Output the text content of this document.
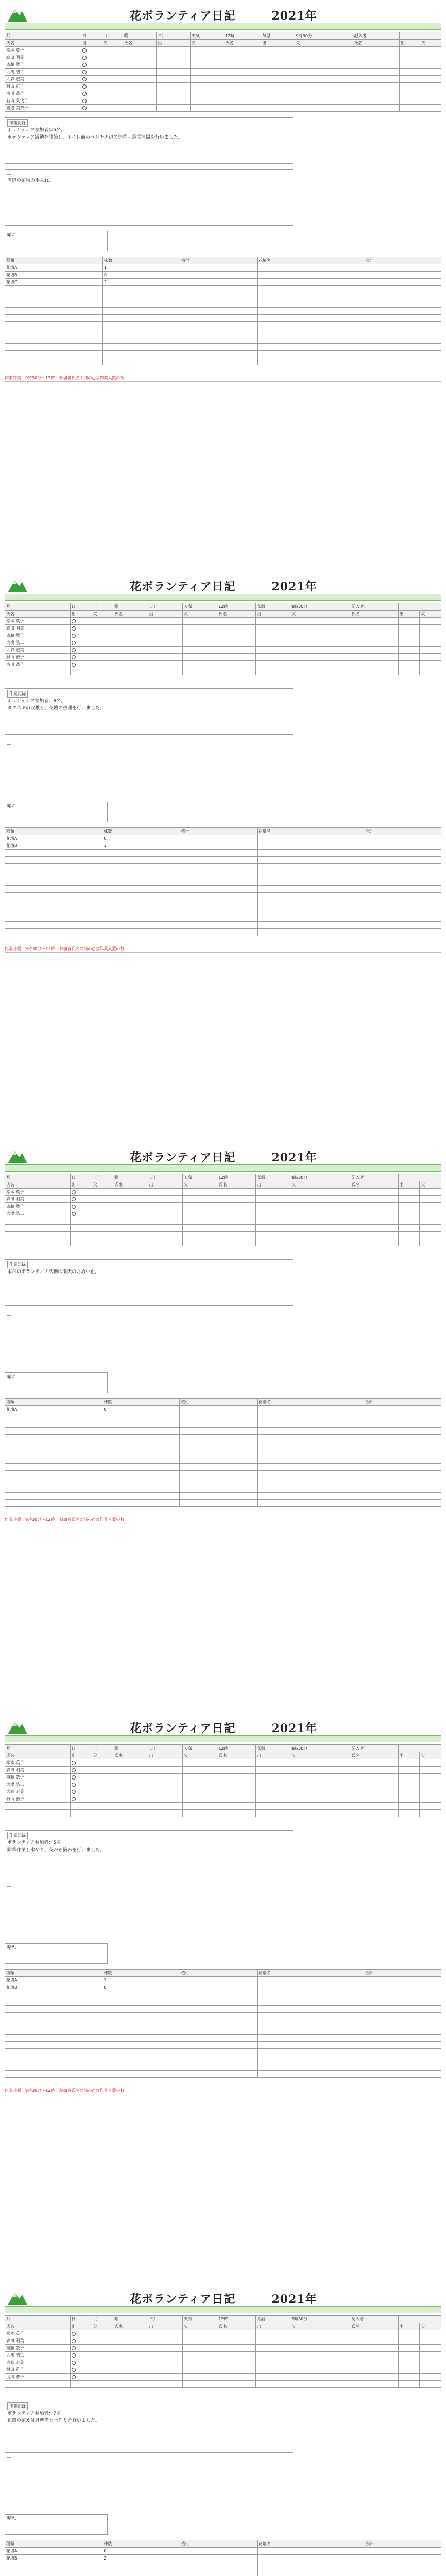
花ボランティア日記	2021年
月	日	（	曜	日）	天気	12時	気温	9時30分	記入者		
氏名	出	欠	氏名	出	欠	氏名	出	欠	氏名	出	欠
松本 英子											
森田 明美											
斎藤 敬子											
大橋 浩二											
大森 宏美											
村山 雅子											
古川 恭子											
若山 美代子											
渡辺 美奈子											
作業記録

ボランティア参加者は5名。

ボランティア活動を開始し、トイレ前のベンチ周辺の除草・落葉清掃を行いました。

周辺の植物の手入れ。

晴れ
種類	株数	植付	花壇名	合計
花壇A	1			
花壇B	0			
花壇C	2			

作業時間：9時30分〜12時　参加者氏名の前の○は作業人数の数
花ボランティア日記	2021年
月	日	（	曜	日）	天気	12時	気温	9時30分	記入者		
氏名	出	欠	氏名	出	欠	氏名	出	欠	氏名	出	欠
松本 英子											
森田 明美											
斎藤 敬子											
大橋 浩二											
大森 宏美											
村山 雅子											
古川 恭子											

作業記録

ボランティア参加者：6名。

タマネギの収穫と、花壇の整理を行いました。

晴れ
種類	株数	植付	花壇名	合計
花壇A	0			
花壇B	1			

作業時間：9時30分〜12時　参加者氏名の前の○は作業人数の数
花ボランティア日記	2021年
月	日	（	曜	日）	天気	12時	気温	9時30分	記入者		
氏名	出	欠	氏名	出	欠	氏名	出	欠	氏名	出	欠
松本 英子											
森田 明美											
斎藤 敬子											
大橋 浩二											

作業記録

本日のボランティア活動は雨天のため中止。

晴れ
種類	株数	植付	花壇名	合計
花壇A	0			

作業時間：9時30分〜12時　参加者氏名の前の○は作業人数の数
花ボランティア日記	2021年
月	日	（	曜	日）	天気	12時	気温	9時30分	記入者		
氏名	出	欠	氏名	出	欠	氏名	出	欠	氏名	出	欠
松本 英子											
森田 明美											
斎藤 敬子											
大橋 浩二											
大森 宏美											
村山 雅子											

作業記録

ボランティア参加者：5名。

除草作業と水やり、花がら摘みを行いました。

晴れ
種類	株数	植付	花壇名	合計
花壇A	1			
花壇B	0			

作業時間：9時30分〜12時　参加者氏名の前の○は作業人数の数
花ボランティア日記	2021年
月	日	（	曜	日）	天気	12時	気温	9時30分	記入者		
氏名	出	欠	氏名	出	欠	氏名	出	欠	氏名	出	欠
松本 英子											
森田 明美											
斎藤 敬子											
大橋 浩二											
大森 宏美											
村山 雅子											
古川 恭子											

作業記録

ボランティア参加者：7名。

花苗の植え付け準備と土作りを行いました。

晴れ
種類	株数	植付	花壇名	合計
花壇A	0			
花壇B	2			
